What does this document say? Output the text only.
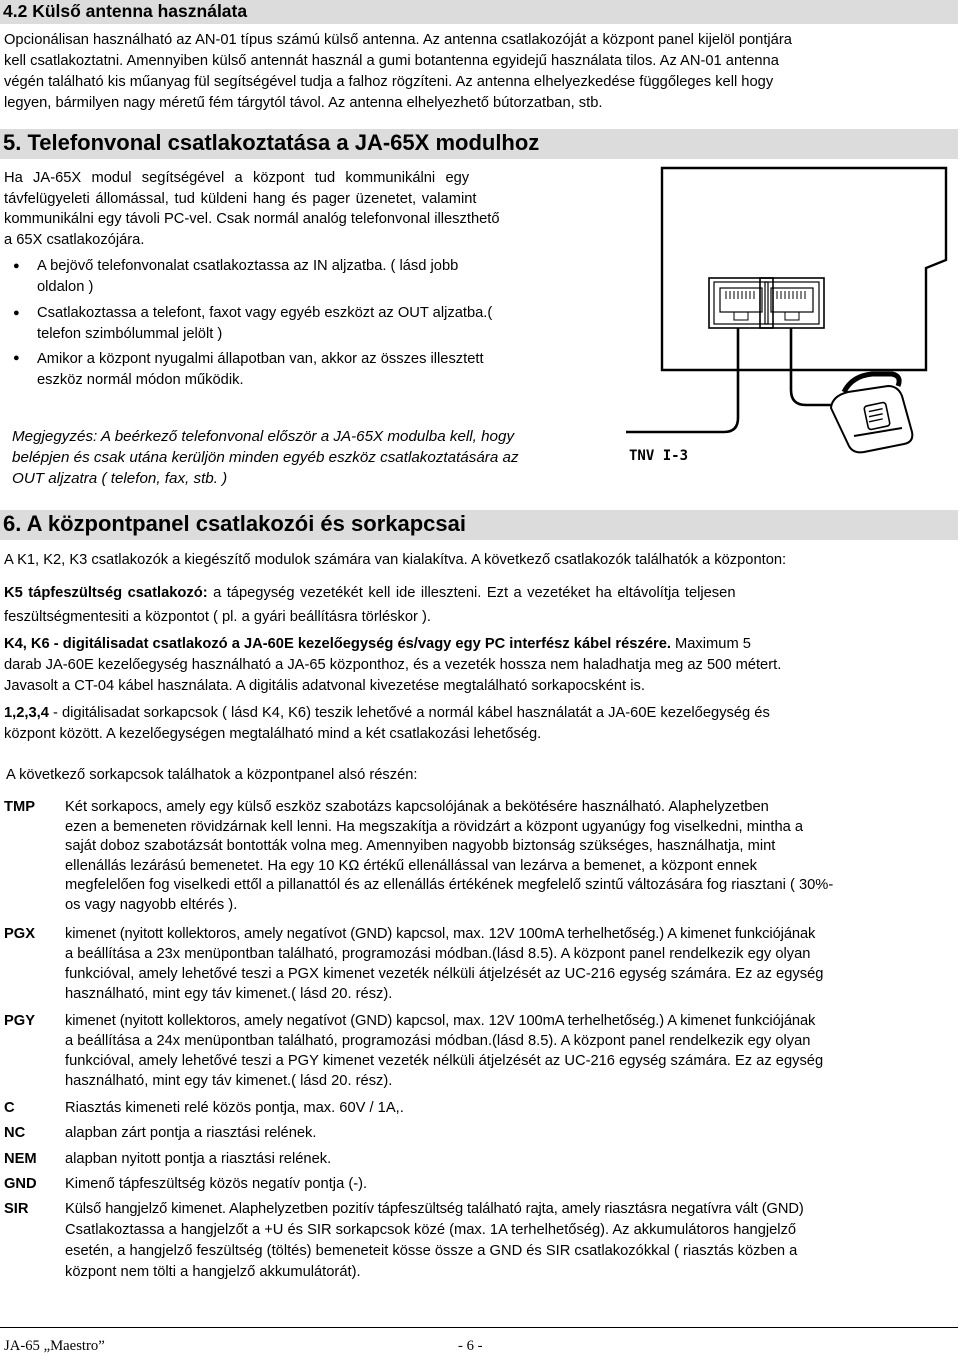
4.2 Külső antenna használata
Opcionálisan használható az AN-01 típus számú külső antenna. Az antenna csatlakozóját a központ panel kijelöl pontjára
kell csatlakoztatni. Amennyiben külső antennát használ a gumi botantenna egyidejű használata tilos. Az AN-01 antenna
végén található kis műanyag fül segítségével tudja a falhoz rögzíteni. Az antenna elhelyezkedése függőleges kell hogy
legyen, bármilyen nagy méretű fém tárgytól távol. Az antenna elhelyezhető bútorzatban, stb.
5. Telefonvonal csatlakoztatása a JA-65X modulhoz
Ha JA-65X modul segítségével a központ tud kommunikálni egy
távfelügyeleti állomással, tud küldeni hang és pager üzenetet, valamint
kommunikálni egy távoli PC-vel. Csak normál analóg telefonvonal illeszthető
a 65X csatlakozójára.
● A bejövő telefonvonalat csatlakoztassa az IN aljzatba. ( lásd jobb
oldalon )
● Csatlakoztassa a telefont, faxot vagy egyéb eszközt az OUT aljzatba.(
telefon szimbólummal jelölt )
● Amikor a központ nyugalmi állapotban van, akkor az összes illesztett
eszköz normál módon működik.
Megjegyzés: A beérkező telefonvonal először a JA-65X modulba kell, hogy
belépjen és csak utána kerüljön minden egyéb eszköz csatlakoztatására az
OUT aljzatra ( telefon, fax, stb. )
TNV I-3
6. A központpanel csatlakozói és sorkapcsai
A K1, K2, K3 csatlakozók a kiegészítő modulok számára van kialakítva. A következő csatlakozók találhatók a központon:
K5 tápfeszültség csatlakozó: a tápegység vezetékét kell ide illeszteni. Ezt a vezetéket ha eltávolítja teljesen
feszültségmentesiti a központot ( pl. a gyári beállításra törléskor ).
K4, K6 - digitálisadat csatlakozó a JA-60E kezelőegység és/vagy egy PC interfész kábel részére. Maximum 5
darab JA-60E kezelőegység használható a JA-65 központhoz, és a vezeték hossza nem haladhatja meg az 500 métert.
Javasolt a CT-04 kábel használata. A digitális adatvonal kivezetése megtalálható sorkapocsként is.
1,2,3,4 - digitálisadat sorkapcsok ( lásd K4, K6) teszik lehetővé a normál kábel használatát a JA-60E kezelőegység és
központ között. A kezelőegységen megtalálható mind a két csatlakozási lehetőség.
A következő sorkapcsok találhatok a központpanel alsó részén:
TMP Két sorkapocs, amely egy külső eszköz szabotázs kapcsolójának a bekötésére használható. Alaphelyzetben
ezen a bemeneten rövidzárnak kell lenni. Ha megszakítja a rövidzárt a központ ugyanúgy fog viselkedni, mintha a
saját doboz szabotázsát bontották volna meg. Amennyiben nagyobb biztonság szükséges, használhatja, mint
ellenállás lezárású bemenetet. Ha egy 10 KΩ értékű ellenállással van lezárva a bemenet, a központ ennek
megfelelően fog viselkedi ettől a pillanattól és az ellenállás értékének megfelelő szintű változására fog riasztani ( 30%-
os vagy nagyobb eltérés ).
PGX kimenet (nyitott kollektoros, amely negatívot (GND) kapcsol, max. 12V 100mA terhelhetőség.) A kimenet funkciójának
a beállítása a 23x menüpontban található, programozási módban.(lásd 8.5). A központ panel rendelkezik egy olyan
funkcióval, amely lehetővé teszi a PGX kimenet vezeték nélküli átjelzését az UC-216 egység számára. Ez az egység
használható, mint egy táv kimenet.( lásd 20. rész).
PGY kimenet (nyitott kollektoros, amely negatívot (GND) kapcsol, max. 12V 100mA terhelhetőség.) A kimenet funkciójának
a beállítása a 24x menüpontban található, programozási módban.(lásd 8.5). A központ panel rendelkezik egy olyan
funkcióval, amely lehetővé teszi a PGY kimenet vezeték nélküli átjelzését az UC-216 egység számára. Ez az egység
használható, mint egy táv kimenet.( lásd 20. rész).
C	Riasztás kimeneti relé közös pontja, max. 60V / 1A,.
NC	alapban zárt pontja a riasztási relének.
NEM alapban nyitott pontja a riasztási relének.
GND Kimenő tápfeszültség közös negatív pontja (-).
SIR Külső hangjelző kimenet. Alaphelyzetben pozitív tápfeszültség található rajta, amely riasztásra negatívra vált (GND)
Csatlakoztassa a hangjelzőt a +U és SIR sorkapcsok közé (max. 1A terhelhetőség). Az akkumulátoros hangjelző
esetén, a hangjelző feszültség (töltés) bemeneteit kösse össze a GND és SIR csatlakozókkal ( riasztás közben a
központ nem tölti a hangjelző akkumulátorát).
JA-65 „Maestro”	- 6 -
